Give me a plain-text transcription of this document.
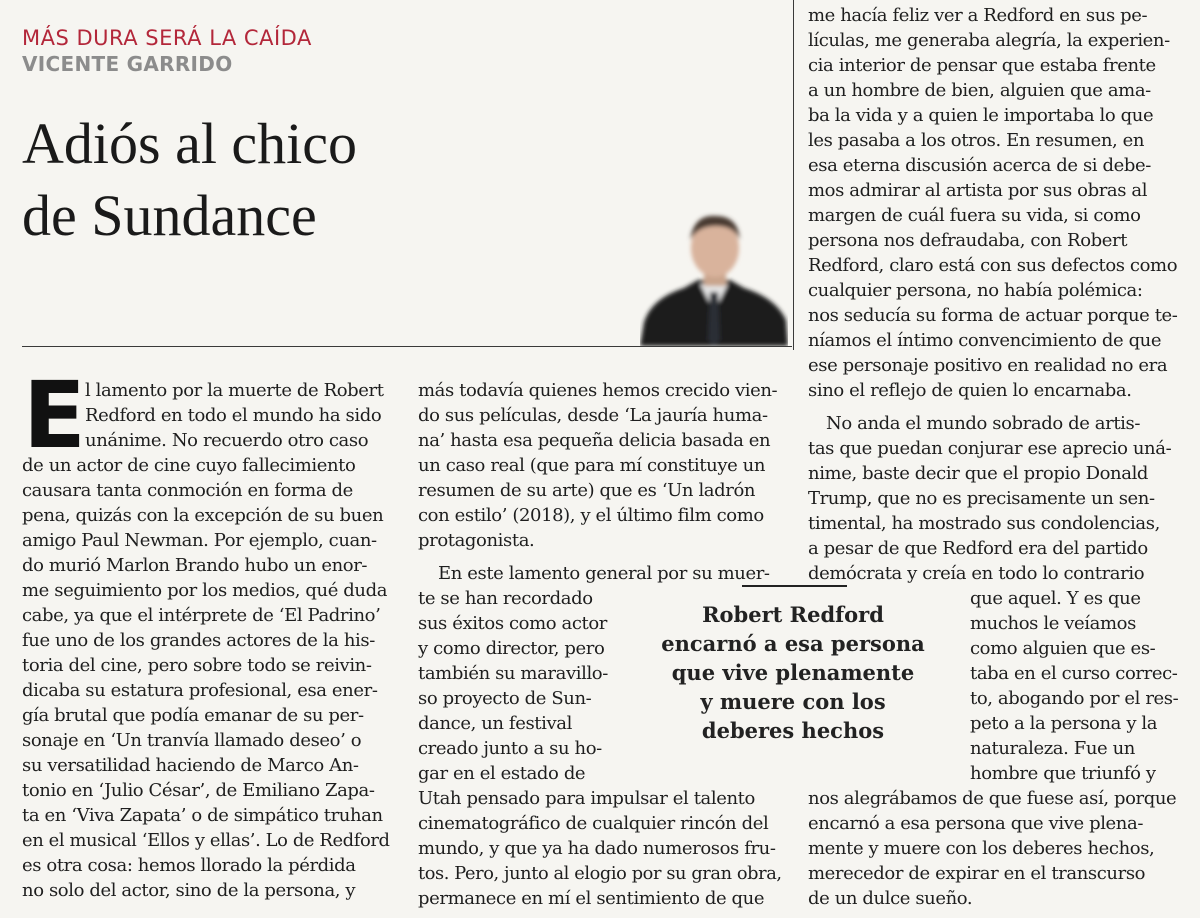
MÁS DURA SERÁ LA CAÍDA
VICENTE GARRIDO
Adiós al chico
de Sundance
E l lamento por la muerte de Robert
Redford en todo el mundo ha sido
unánime. No recuerdo otro caso
de un actor de cine cuyo fallecimiento
causara tanta conmoción en forma de
pena, quizás con la excepción de su buen
amigo Paul Newman. Por ejemplo, cuan-
do murió Marlon Brando hubo un enor-
me seguimiento por los medios, qué duda
cabe, ya que el intérprete de ‘El Padrino’
fue uno de los grandes actores de la his-
toria del cine, pero sobre todo se reivin-
dicaba su estatura profesional, esa ener-
gía brutal que podía emanar de su per-
sonaje en ‘Un tranvía llamado deseo’ o
su versatilidad haciendo de Marco An-
tonio en ‘Julio César’, de Emiliano Zapa-
ta en ‘Viva Zapata’ o de simpático truhan
en el musical ‘Ellos y ellas’. Lo de Redford
es otra cosa: hemos llorado la pérdida
no solo del actor, sino de la persona, y
más todavía quienes hemos crecido vien-
do sus películas, desde ‘La jauría huma-
na’ hasta esa pequeña delicia basada en
un caso real (que para mí constituye un
resumen de su arte) que es ‘Un ladrón
con estilo’ (2018), y el último film como
protagonista.
En este lamento general por su muer-
te se han recordado
sus éxitos como actor
y como director, pero
también su maravillo-
so proyecto de Sun-
dance, un festival
creado junto a su ho-
gar en el estado de
Utah pensado para impulsar el talento
cinematográfico de cualquier rincón del
mundo, y que ya ha dado numerosos fru-
tos. Pero, junto al elogio por su gran obra,
permanece en mí el sentimiento de que
me hacía feliz ver a Redford en sus pe-
lículas, me generaba alegría, la experien-
cia interior de pensar que estaba frente
a un hombre de bien, alguien que ama-
ba la vida y a quien le importaba lo que
les pasaba a los otros. En resumen, en
esa eterna discusión acerca de si debe-
mos admirar al artista por sus obras al
margen de cuál fuera su vida, si como
persona nos defraudaba, con Robert
Redford, claro está con sus defectos como
cualquier persona, no había polémica:
nos seducía su forma de actuar porque te-
níamos el íntimo convencimiento de que
ese personaje positivo en realidad no era
sino el reflejo de quien lo encarnaba.
No anda el mundo sobrado de artis-
tas que puedan conjurar ese aprecio uná-
nime, baste decir que el propio Donald
Trump, que no es precisamente un sen-
timental, ha mostrado sus condolencias,
a pesar de que Redford era del partido
demócrata y creía en todo lo contrario
que aquel. Y es que
muchos le veíamos
como alguien que es-
taba en el curso correc-
to, abogando por el res-
peto a la persona y la
naturaleza. Fue un
hombre que triunfó y
nos alegrábamos de que fuese así, porque
encarnó a esa persona que vive plena-
mente y muere con los deberes hechos,
merecedor de expirar en el transcurso
de un dulce sueño.
Robert Redford
encarnó a esa persona
que vive plenamente
y muere con los
deberes hechos
